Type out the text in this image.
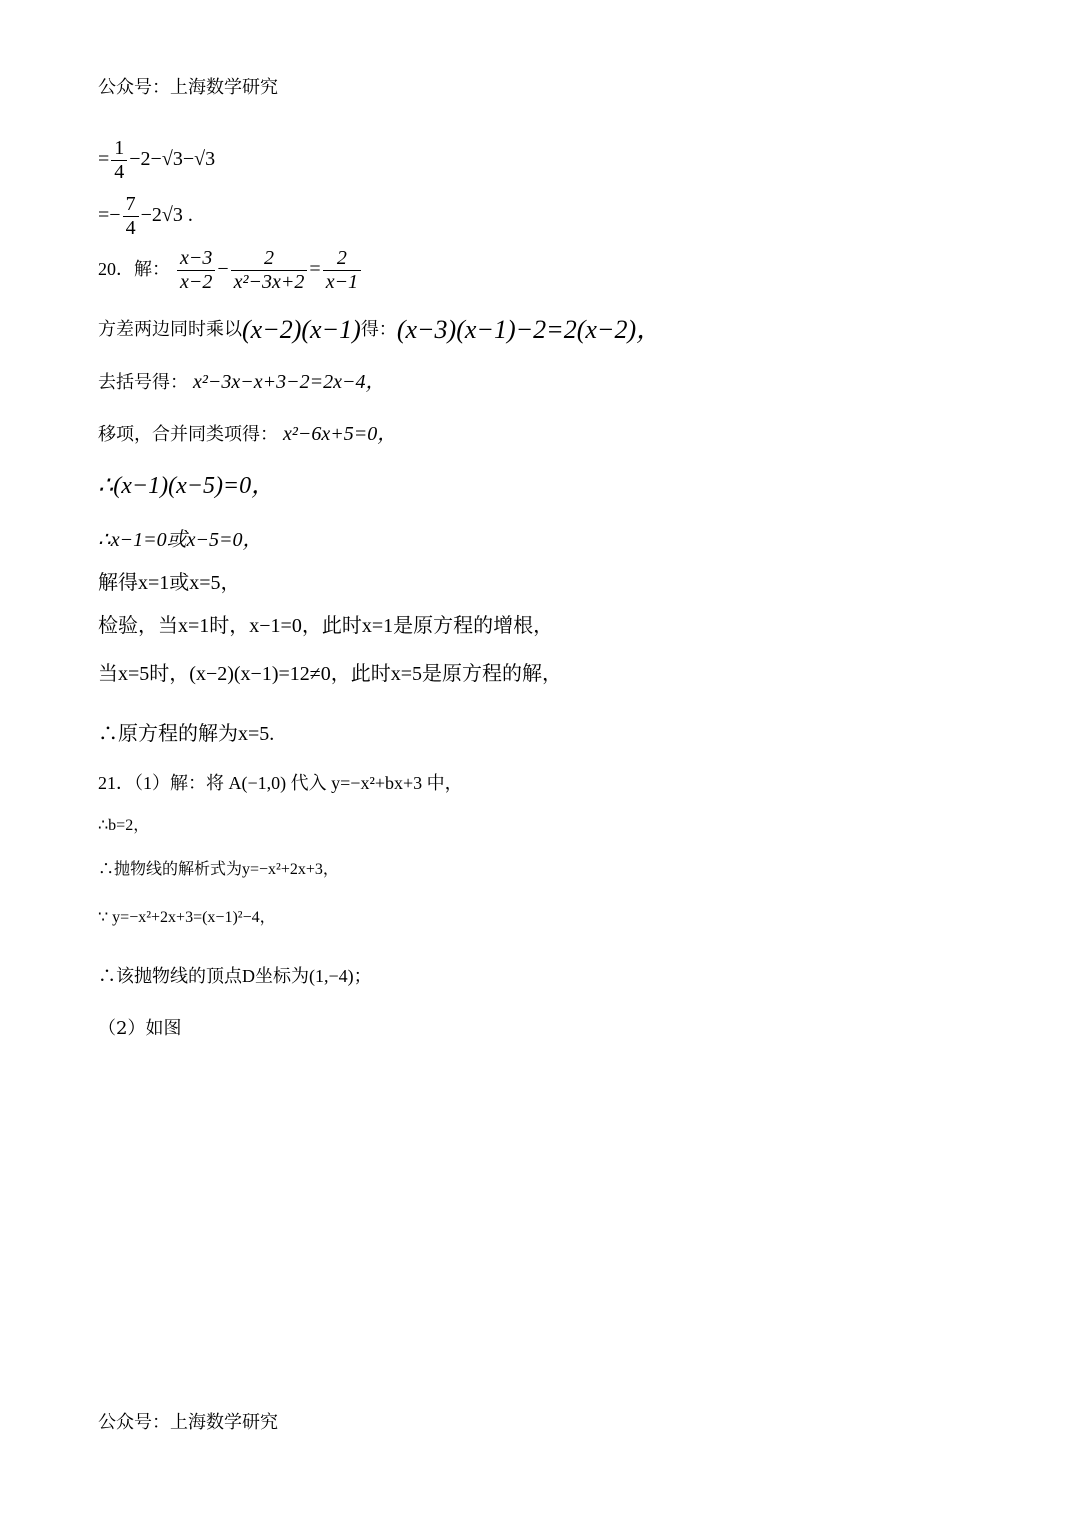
公众号：上海数学研究
= $\frac{1}{4} -2-√3-√3$
=− $\frac{7}{4} -2√3$ .
20．解： $\frac{x-3}{x-2} - \frac{2}{\text{x²−3x+2}} = \frac{2}{x-1}$
方差两边同时乘以(x−2)(x−1)得：(x−3)(x−1)−2=2(x−2)，
去括号得： x²−3x−x+3−2=2x−4，
移项，合并同类项得： x²−6x+5=0，
∴(x−1)(x−5)=0，
∴x−1=0或x−5=0，
解得x=1或x=5，
检验，当x=1时，x−1=0，此时x=1是原方程的增根，
当x=5时，(x−2)(x−1)=12≠0，此时x=5是原方程的解，
∴原方程的解为x=5.
21．（1）解：将 A(−1,0) 代入 y=−x²+bx+3 中，
∴b=2，
∴抛物线的解析式为y=−x²+2x+3，
∵ y=−x²+2x+3=(x−1)²−4，
∴该抛物线的顶点D坐标为(1,−4)；
（2）如图
公众号：上海数学研究
